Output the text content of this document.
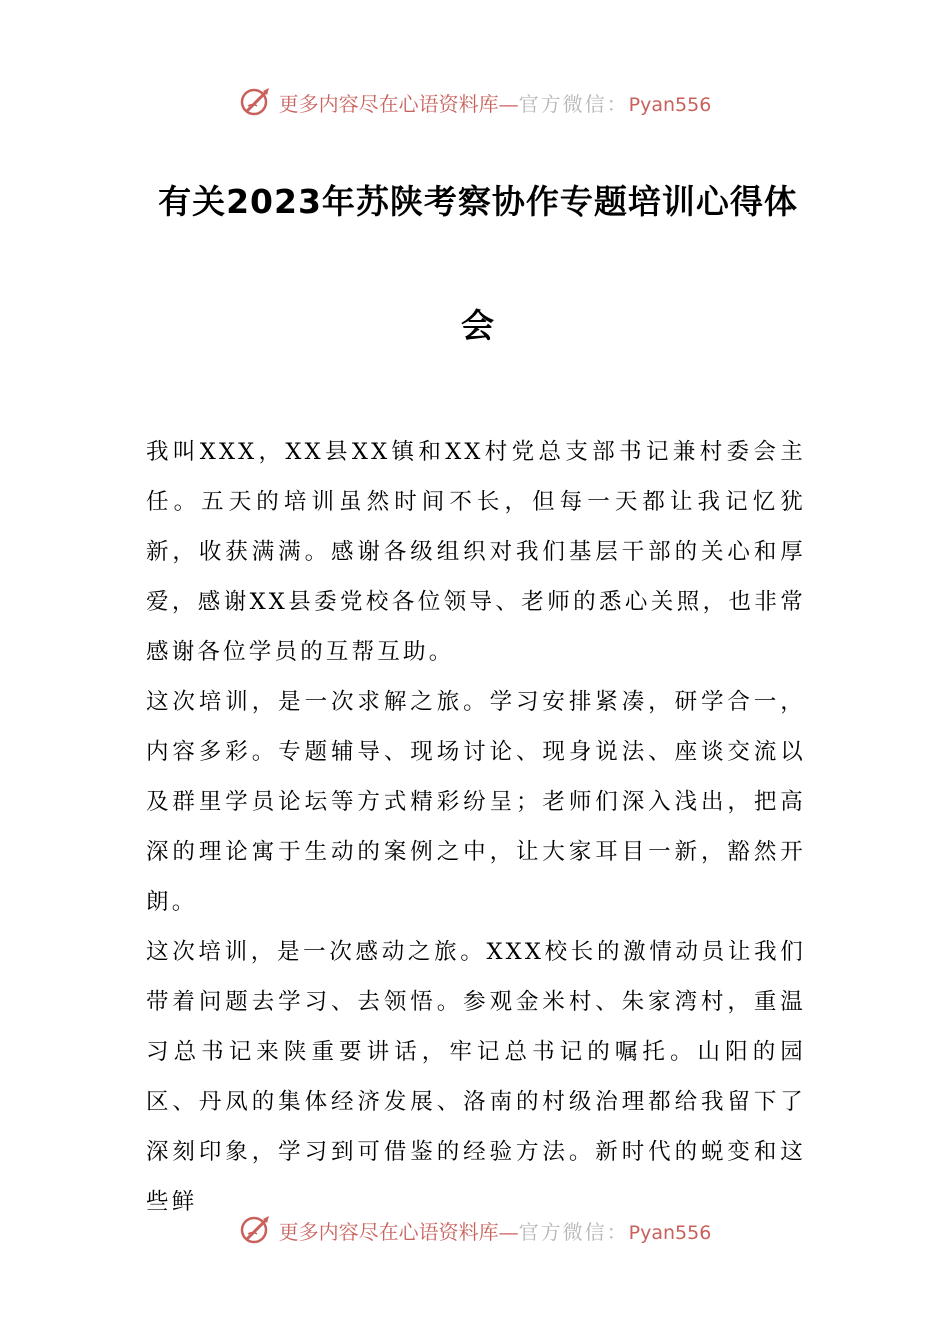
更多内容尽在心语资料库—官方微信：Pyan556
有关2023年苏陕考察协作专题培训心得体
会

我叫XXX，XX县XX镇和XX村党总支部书记兼村委会主任。五天的培训虽然时间不长，但每一天都让我记忆犹新，收获满满。感谢各级组织对我们基层干部的关心和厚爱，感谢XX县委党校各位领导、老师的悉心关照，也非常感谢各位学员的互帮互助。

这次培训，是一次求解之旅。学习安排紧凑，研学合一，内容多彩。专题辅导、现场讨论、现身说法、座谈交流以及群里学员论坛等方式精彩纷呈；老师们深入浅出，把高深的理论寓于生动的案例之中，让大家耳目一新，豁然开朗。

这次培训，是一次感动之旅。XXX校长的激情动员让我们带着问题去学习、去领悟。参观金米村、朱家湾村，重温习总书记来陕重要讲话，牢记总书记的嘱托。山阳的园区、丹凤的集体经济发展、洛南的村级治理都给我留下了深刻印象，学习到可借鉴的经验方法。新时代的蜕变和这些鲜

更多内容尽在心语资料库—官方微信：Pyan556
